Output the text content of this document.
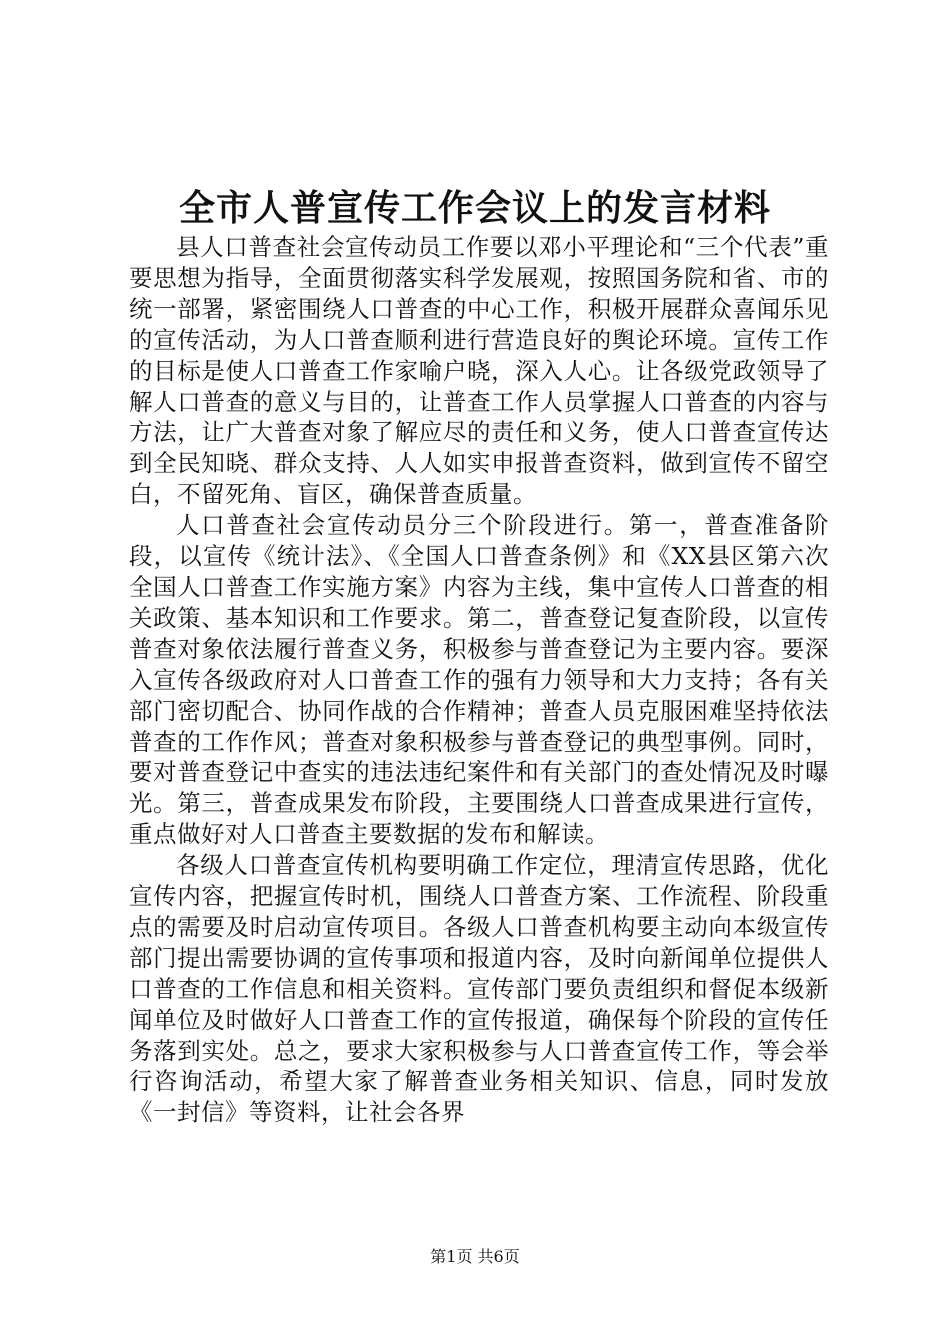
全市人普宣传工作会议上的发言材料

县人口普查社会宣传动员工作要以邓小平理论和“三个代表”重要思想为指导，全面贯彻落实科学发展观，按照国务院和省、市的统一部署，紧密围绕人口普查的中心工作，积极开展群众喜闻乐见的宣传活动，为人口普查顺利进行营造良好的舆论环境。宣传工作的目标是使人口普查工作家喻户晓，深入人心。让各级党政领导了解人口普查的意义与目的，让普查工作人员掌握人口普查的内容与方法，让广大普查对象了解应尽的责任和义务，使人口普查宣传达到全民知晓、群众支持、人人如实申报普查资料，做到宣传不留空白，不留死角、盲区，确保普查质量。

人口普查社会宣传动员分三个阶段进行。第一，普查准备阶段，以宣传《统计法》、《全国人口普查条例》和《XX县区第六次全国人口普查工作实施方案》内容为主线，集中宣传人口普查的相关政策、基本知识和工作要求。第二，普查登记复查阶段，以宣传普查对象依法履行普查义务，积极参与普查登记为主要内容。要深入宣传各级政府对人口普查工作的强有力领导和大力支持；各有关部门密切配合、协同作战的合作精神；普查人员克服困难坚持依法普查的工作作风；普查对象积极参与普查登记的典型事例。同时，要对普查登记中查实的违法违纪案件和有关部门的查处情况及时曝光。第三，普查成果发布阶段，主要围绕人口普查成果进行宣传，重点做好对人口普查主要数据的发布和解读。

各级人口普查宣传机构要明确工作定位，理清宣传思路，优化宣传内容，把握宣传时机，围绕人口普查方案、工作流程、阶段重点的需要及时启动宣传项目。各级人口普查机构要主动向本级宣传部门提出需要协调的宣传事项和报道内容，及时向新闻单位提供人口普查的工作信息和相关资料。宣传部门要负责组织和督促本级新闻单位及时做好人口普查工作的宣传报道，确保每个阶段的宣传任务落到实处。总之，要求大家积极参与人口普查宣传工作，等会举行咨询活动，希望大家了解普查业务相关知识、信息，同时发放《一封信》等资料，让社会各界

第1页 共6页
